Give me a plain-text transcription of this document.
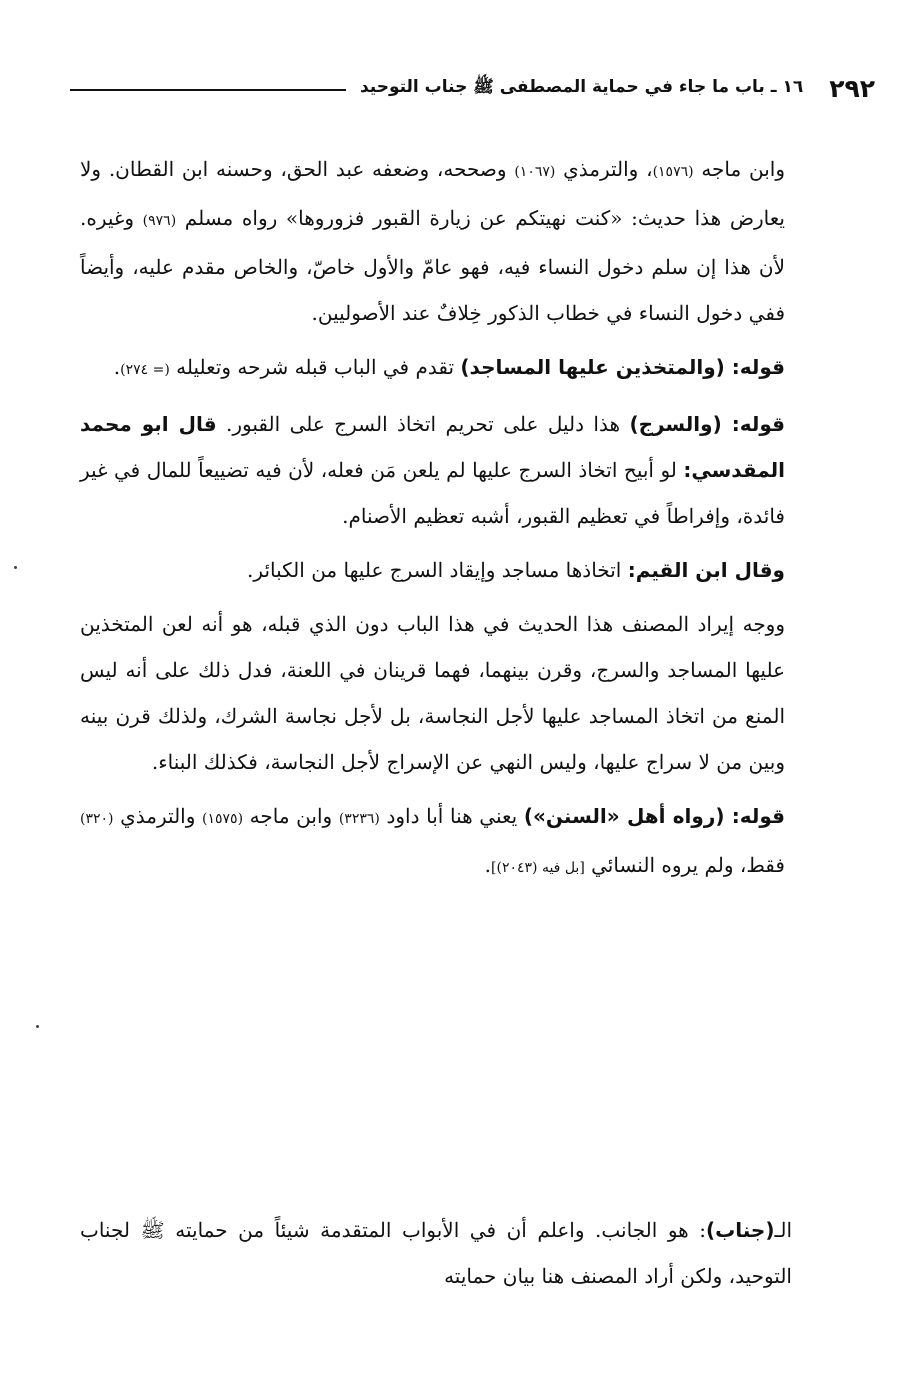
٢٩٢
١٦ ـ باب ما جاء في حماية المصطفى ﷺ جناب التوحيد

وابن ماجه (١٥٧٦)، والترمذي (١٠٦٧) وصححه، وضعفه عبد الحق، وحسنه ابن القطان. ولا يعارض هذا حديث: «كنت نهيتكم عن زيارة القبور فزوروها» رواه مسلم (٩٧٦) وغيره. لأن هذا إن سلم دخول النساء فيه، فهو عامّ والأول خاصّ، والخاص مقدم عليه، وأيضاً ففي دخول النساء في خطاب الذكور خِلافٌ عند الأصوليين.

قوله: (والمتخذين عليها المساجد) تقدم في الباب قبله شرحه وتعليله (= ٢٧٤).

قوله: (والسرج) هذا دليل على تحريم اتخاذ السرج على القبور. قال ابو محمد المقدسي: لو أبيح اتخاذ السرج عليها لم يلعن مَن فعله، لأن فيه تضييعاً للمال في غير فائدة، وإفراطاً في تعظيم القبور، أشبه تعظيم الأصنام.

وقال ابن القيم: اتخاذها مساجد وإيقاد السرج عليها من الكبائر.

ووجه إيراد المصنف هذا الحديث في هذا الباب دون الذي قبله، هو أنه لعن المتخذين عليها المساجد والسرج، وقرن بينهما، فهما قرينان في اللعنة، فدل ذلك على أنه ليس المنع من اتخاذ المساجد عليها لأجل النجاسة، بل لأجل نجاسة الشرك، ولذلك قرن بينه وبين من لا سراج عليها، وليس النهي عن الإسراج لأجل النجاسة، فكذلك البناء.

قوله: (رواه أهل «السنن») يعني هنا أبا داود (٣٢٣٦) وابن ماجه (١٥٧٥) والترمذي (٣٢٠) فقط، ولم يروه النسائي [بل فيه (٢٠٤٣)].

الـ(جناب): هو الجانب. واعلم أن في الأبواب المتقدمة شيئاً من حمايته ﷺ لجناب التوحيد، ولكن أراد المصنف هنا بيان حمايته
